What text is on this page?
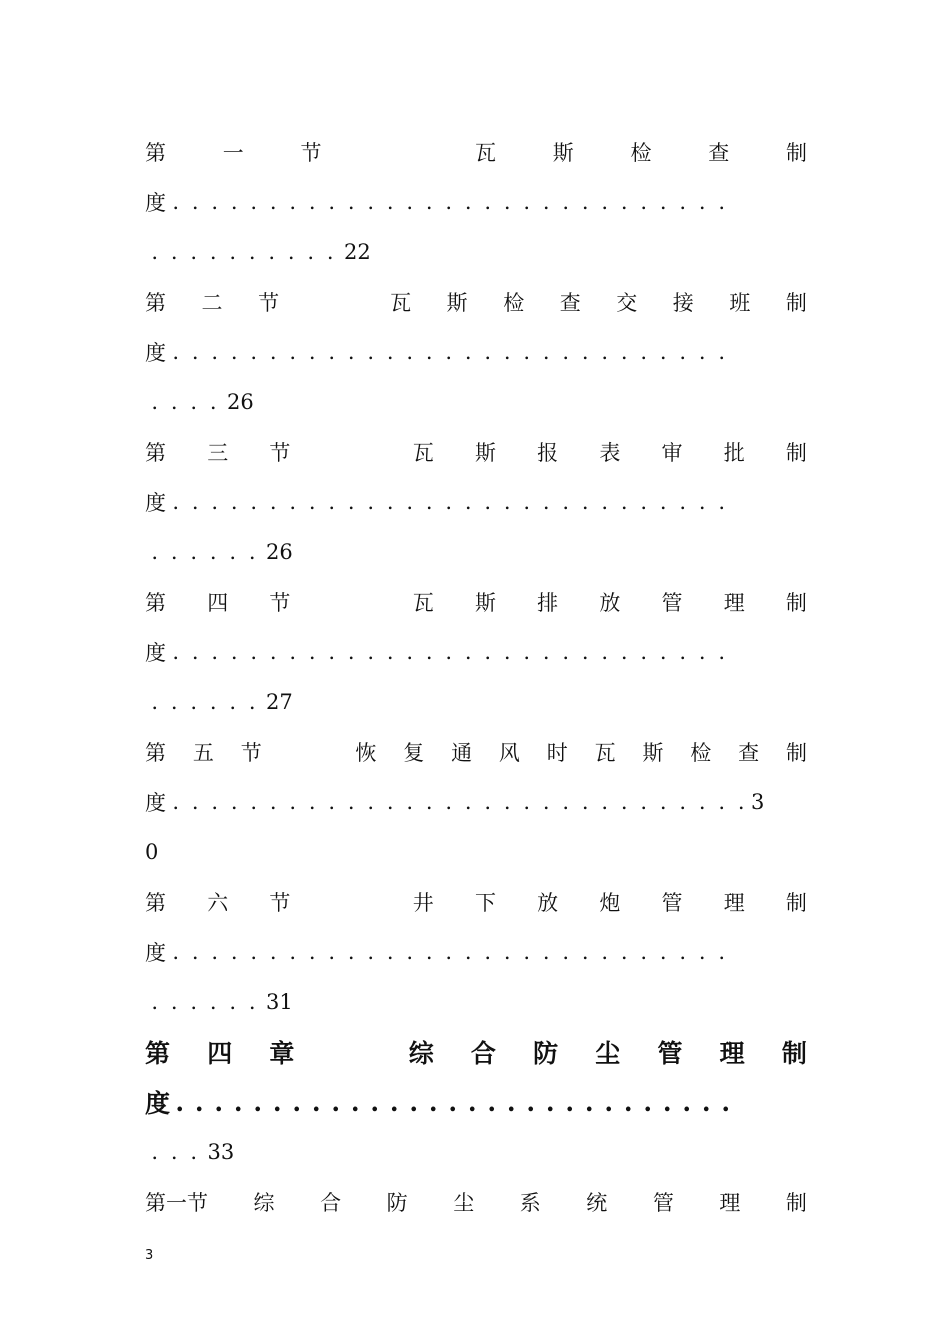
第	一	节	瓦	斯	检	查	制
度 . . . . . . . . . . . . . . . . . . . . . . . . . . . . .
. . . . . . . . . . 22
第 二 节	瓦 斯 检 查 交 接 班 制
度 . . . . . . . . . . . . . . . . . . . . . . . . . . . . .
. . . . 26
第 三 节	瓦 斯 报 表 审 批 制
度 . . . . . . . . . . . . . . . . . . . . . . . . . . . . .
. . . . . . 26
第 四 节	瓦 斯 排 放 管 理 制
度 . . . . . . . . . . . . . . . . . . . . . . . . . . . . .
. . . . . . 27
第 五 节	恢 复 通 风 时 瓦 斯 检 查 制
度 . . . . . . . . . . . . . . . . . . . . . . . . . . . . . . 3
0
第 六 节	井 下 放 炮 管 理 制
度 . . . . . . . . . . . . . . . . . . . . . . . . . . . . .
. . . . . . 31
第 四 章	综 合 防 尘 管 理 制
度 . . . . . . . . . . . . . . . . . . . . . . . . . . . . .
. . . 33
第一节 综 合 防 尘 系 统 管 理 制
3
